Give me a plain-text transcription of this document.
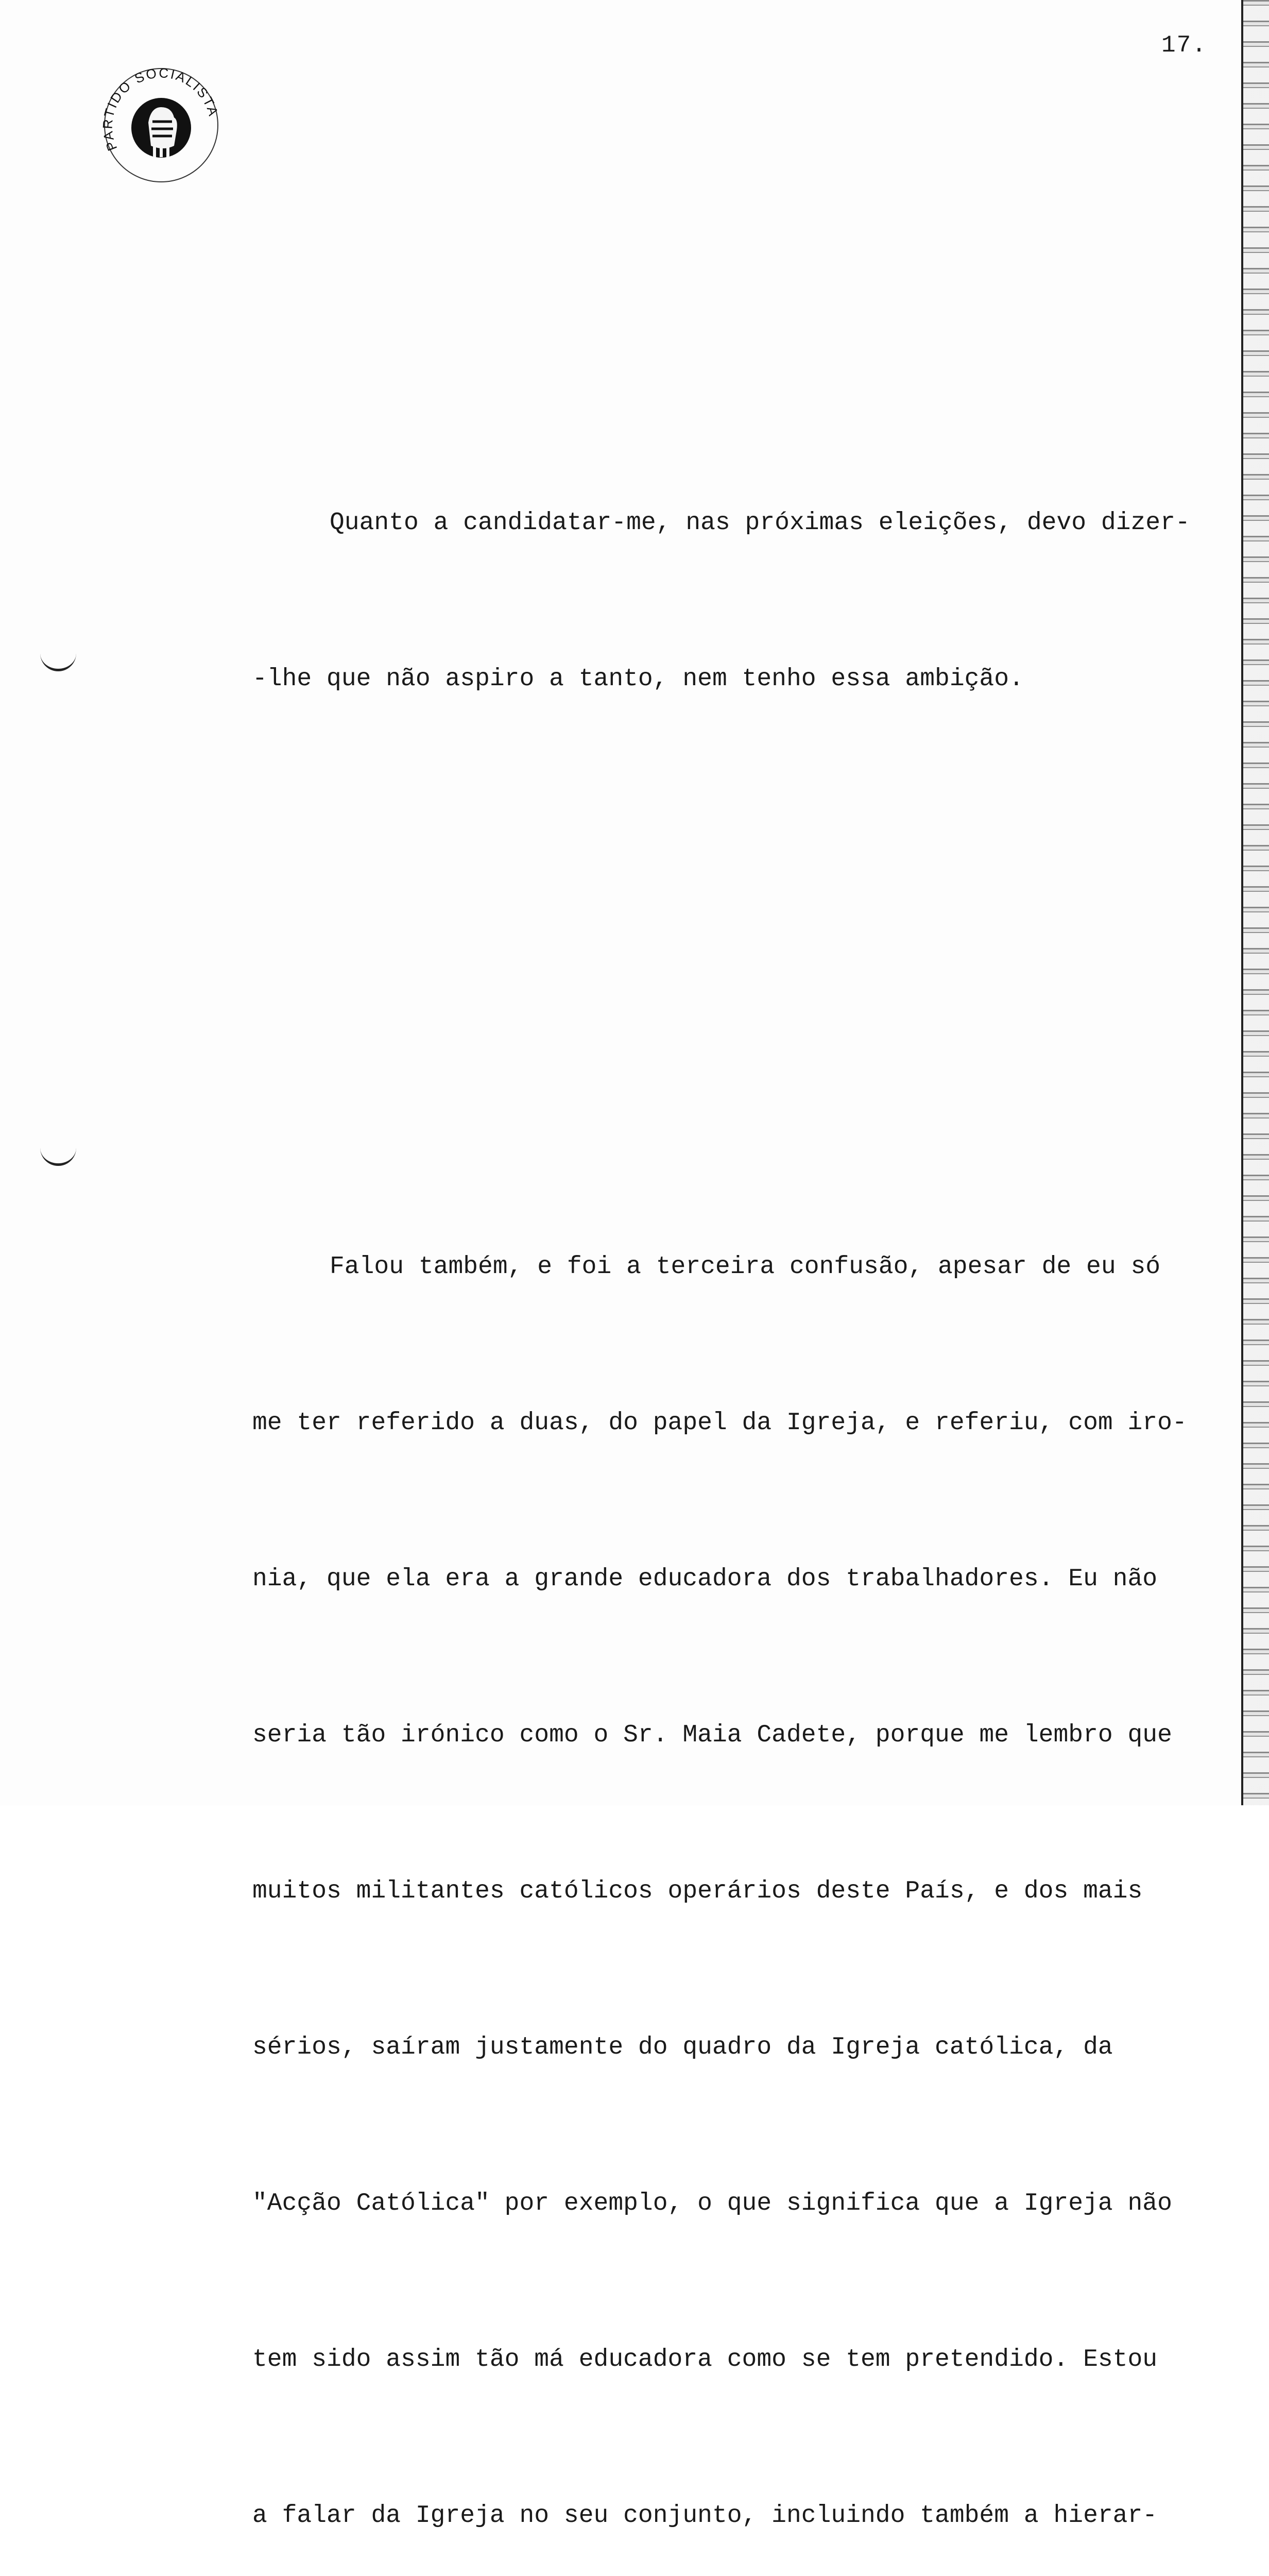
17.
PARTIDO SOCIALISTA

Quanto a candidatar-me, nas próximas eleições, devo dizer-

-lhe que não aspiro a tanto, nem tenho essa ambição.

Falou também, e foi a terceira confusão, apesar de eu só

me ter referido a duas, do papel da Igreja, e referiu, com iro-

nia, que ela era a grande educadora dos trabalhadores. Eu não

seria tão irónico como o Sr. Maia Cadete, porque me lembro que

muitos militantes católicos operários deste País, e dos mais

sérios, saíram justamente do quadro da Igreja católica, da

"Acção Católica" por exemplo, o que significa que a Igreja não

tem sido assim tão má educadora como se tem pretendido. Estou

a falar da Igreja no seu conjunto, incluindo também a hierar-
